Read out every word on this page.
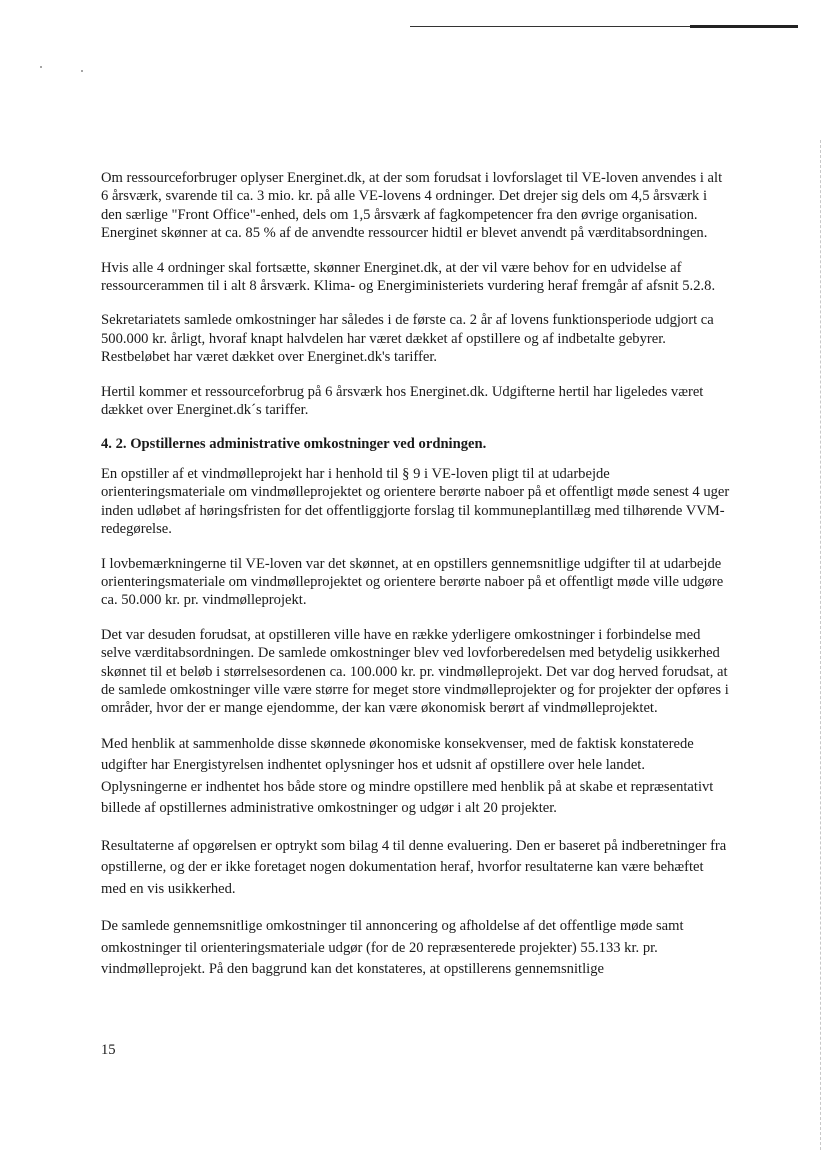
Om ressourceforbruger oplyser Energinet.dk, at der som forudsat i lovforslaget til VE-loven anvendes i alt 6 årsværk, svarende til ca. 3 mio. kr. på alle VE-lovens 4 ordninger. Det drejer sig dels om 4,5 årsværk i den særlige "Front Office"-enhed, dels om 1,5 årsværk af fagkompetencer fra den øvrige organisation. Energinet skønner at ca. 85 % af de anvendte ressourcer hidtil er blevet anvendt på værditabsordningen.

Hvis alle 4 ordninger skal fortsætte, skønner Energinet.dk, at der vil være behov for en udvidelse af ressourcerammen til i alt 8 årsværk. Klima- og Energiministeriets vurdering heraf fremgår af afsnit 5.2.8.

Sekretariatets samlede omkostninger har således i de første ca. 2 år af lovens funktionsperiode udgjort ca 500.000 kr. årligt, hvoraf knapt halvdelen har været dækket af opstillere og af indbetalte gebyrer. Restbeløbet har været dækket over Energinet.dk's tariffer.

Hertil kommer et ressourceforbrug på 6 årsværk hos Energinet.dk. Udgifterne hertil har ligeledes været dækket over Energinet.dk´s tariffer.

4. 2. Opstillernes administrative omkostninger ved ordningen.

En opstiller af et vindmølleprojekt har i henhold til § 9 i VE-loven pligt til at udarbejde orienteringsmateriale om vindmølleprojektet og orientere berørte naboer på et offentligt møde senest 4 uger inden udløbet af høringsfristen for det offentliggjorte forslag til kommuneplantillæg med tilhørende VVM-redegørelse.

I lovbemærkningerne til VE-loven var det skønnet, at en opstillers gennemsnitlige udgifter til at udarbejde orienteringsmateriale om vindmølleprojektet og orientere berørte naboer på et offentligt møde ville udgøre ca. 50.000 kr. pr. vindmølleprojekt.

Det var desuden forudsat, at opstilleren ville have en række yderligere omkostninger i forbindelse med selve værditabsordningen. De samlede omkostninger blev ved lovforberedelsen med betydelig usikkerhed skønnet til et beløb i størrelsesordenen ca. 100.000 kr. pr. vindmølleprojekt. Det var dog herved forudsat, at de samlede omkostninger ville være større for meget store vindmølleprojekter og for projekter der opføres i områder, hvor der er mange ejendomme, der kan være økonomisk berørt af vindmølleprojektet.

Med henblik at sammenholde disse skønnede økonomiske konsekvenser, med de faktisk konstaterede udgifter har Energistyrelsen indhentet oplysninger hos et udsnit af opstillere over hele landet. Oplysningerne er indhentet hos både store og mindre opstillere med henblik på at skabe et repræsentativt billede af opstillernes administrative omkostninger og udgør i alt 20 projekter.

Resultaterne af opgørelsen er optrykt som bilag 4 til denne evaluering. Den er baseret på indberetninger fra opstillerne, og der er ikke foretaget nogen dokumentation heraf, hvorfor resultaterne kan være behæftet med en vis usikkerhed.

De samlede gennemsnitlige omkostninger til annoncering og afholdelse af det offentlige møde samt omkostninger til orienteringsmateriale udgør (for de 20 repræsenterede projekter) 55.133 kr. pr. vindmølleprojekt. På den baggrund kan det konstateres, at opstillerens gennemsnitlige

15
